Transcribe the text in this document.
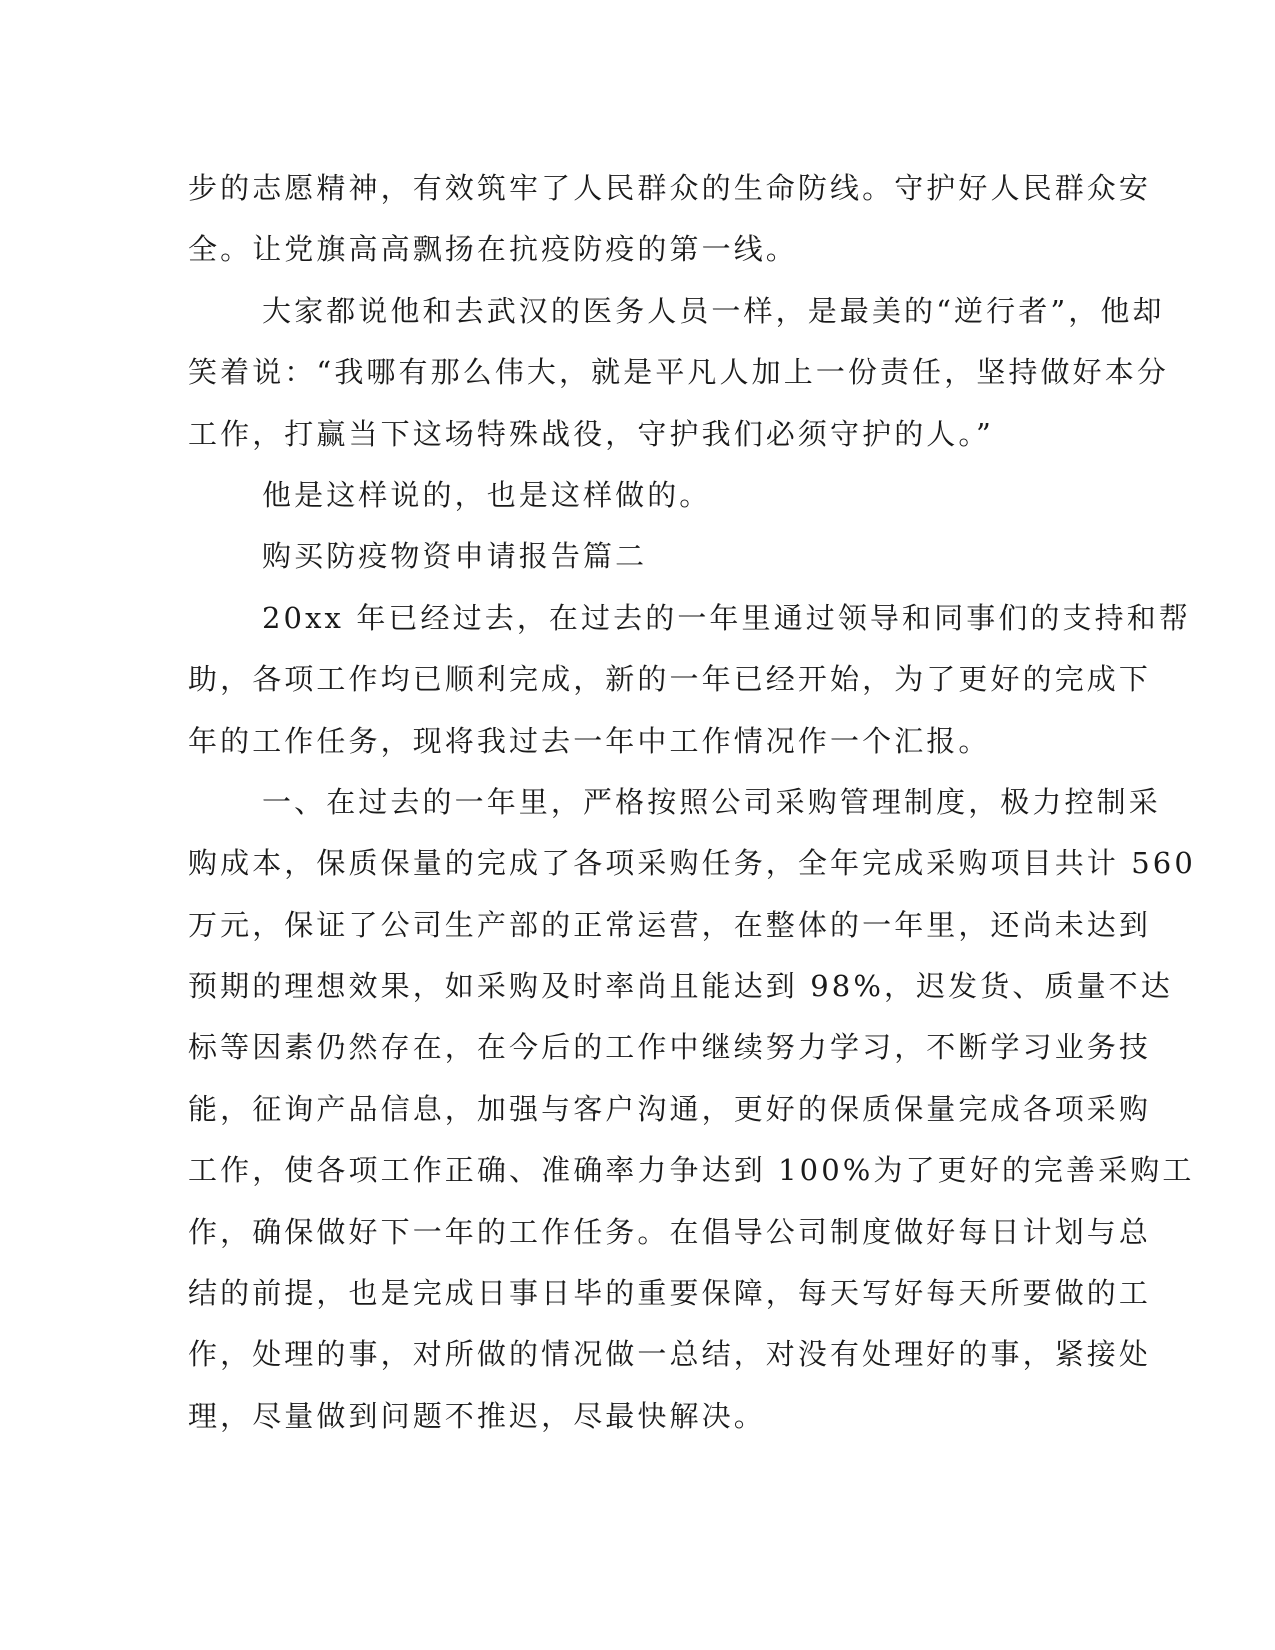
步的志愿精神，有效筑牢了人民群众的生命防线。守护好人民群众安
全。让党旗高高飘扬在抗疫防疫的第一线。
大家都说他和去武汉的医务人员一样，是最美的“逆行者”，他却
笑着说：“我哪有那么伟大，就是平凡人加上一份责任，坚持做好本分
工作，打赢当下这场特殊战役，守护我们必须守护的人。”
他是这样说的，也是这样做的。
购买防疫物资申请报告篇二
20xx 年已经过去，在过去的一年里通过领导和同事们的支持和帮
助，各项工作均已顺利完成，新的一年已经开始，为了更好的完成下
年的工作任务，现将我过去一年中工作情况作一个汇报。
一、在过去的一年里，严格按照公司采购管理制度，极力控制采
购成本，保质保量的完成了各项采购任务，全年完成采购项目共计 560
万元，保证了公司生产部的正常运营，在整体的一年里，还尚未达到
预期的理想效果，如采购及时率尚且能达到 98%，迟发货、质量不达
标等因素仍然存在，在今后的工作中继续努力学习，不断学习业务技
能，征询产品信息，加强与客户沟通，更好的保质保量完成各项采购
工作，使各项工作正确、准确率力争达到 100%为了更好的完善采购工
作，确保做好下一年的工作任务。在倡导公司制度做好每日计划与总
结的前提，也是完成日事日毕的重要保障，每天写好每天所要做的工
作，处理的事，对所做的情况做一总结，对没有处理好的事，紧接处
理，尽量做到问题不推迟，尽最快解决。
